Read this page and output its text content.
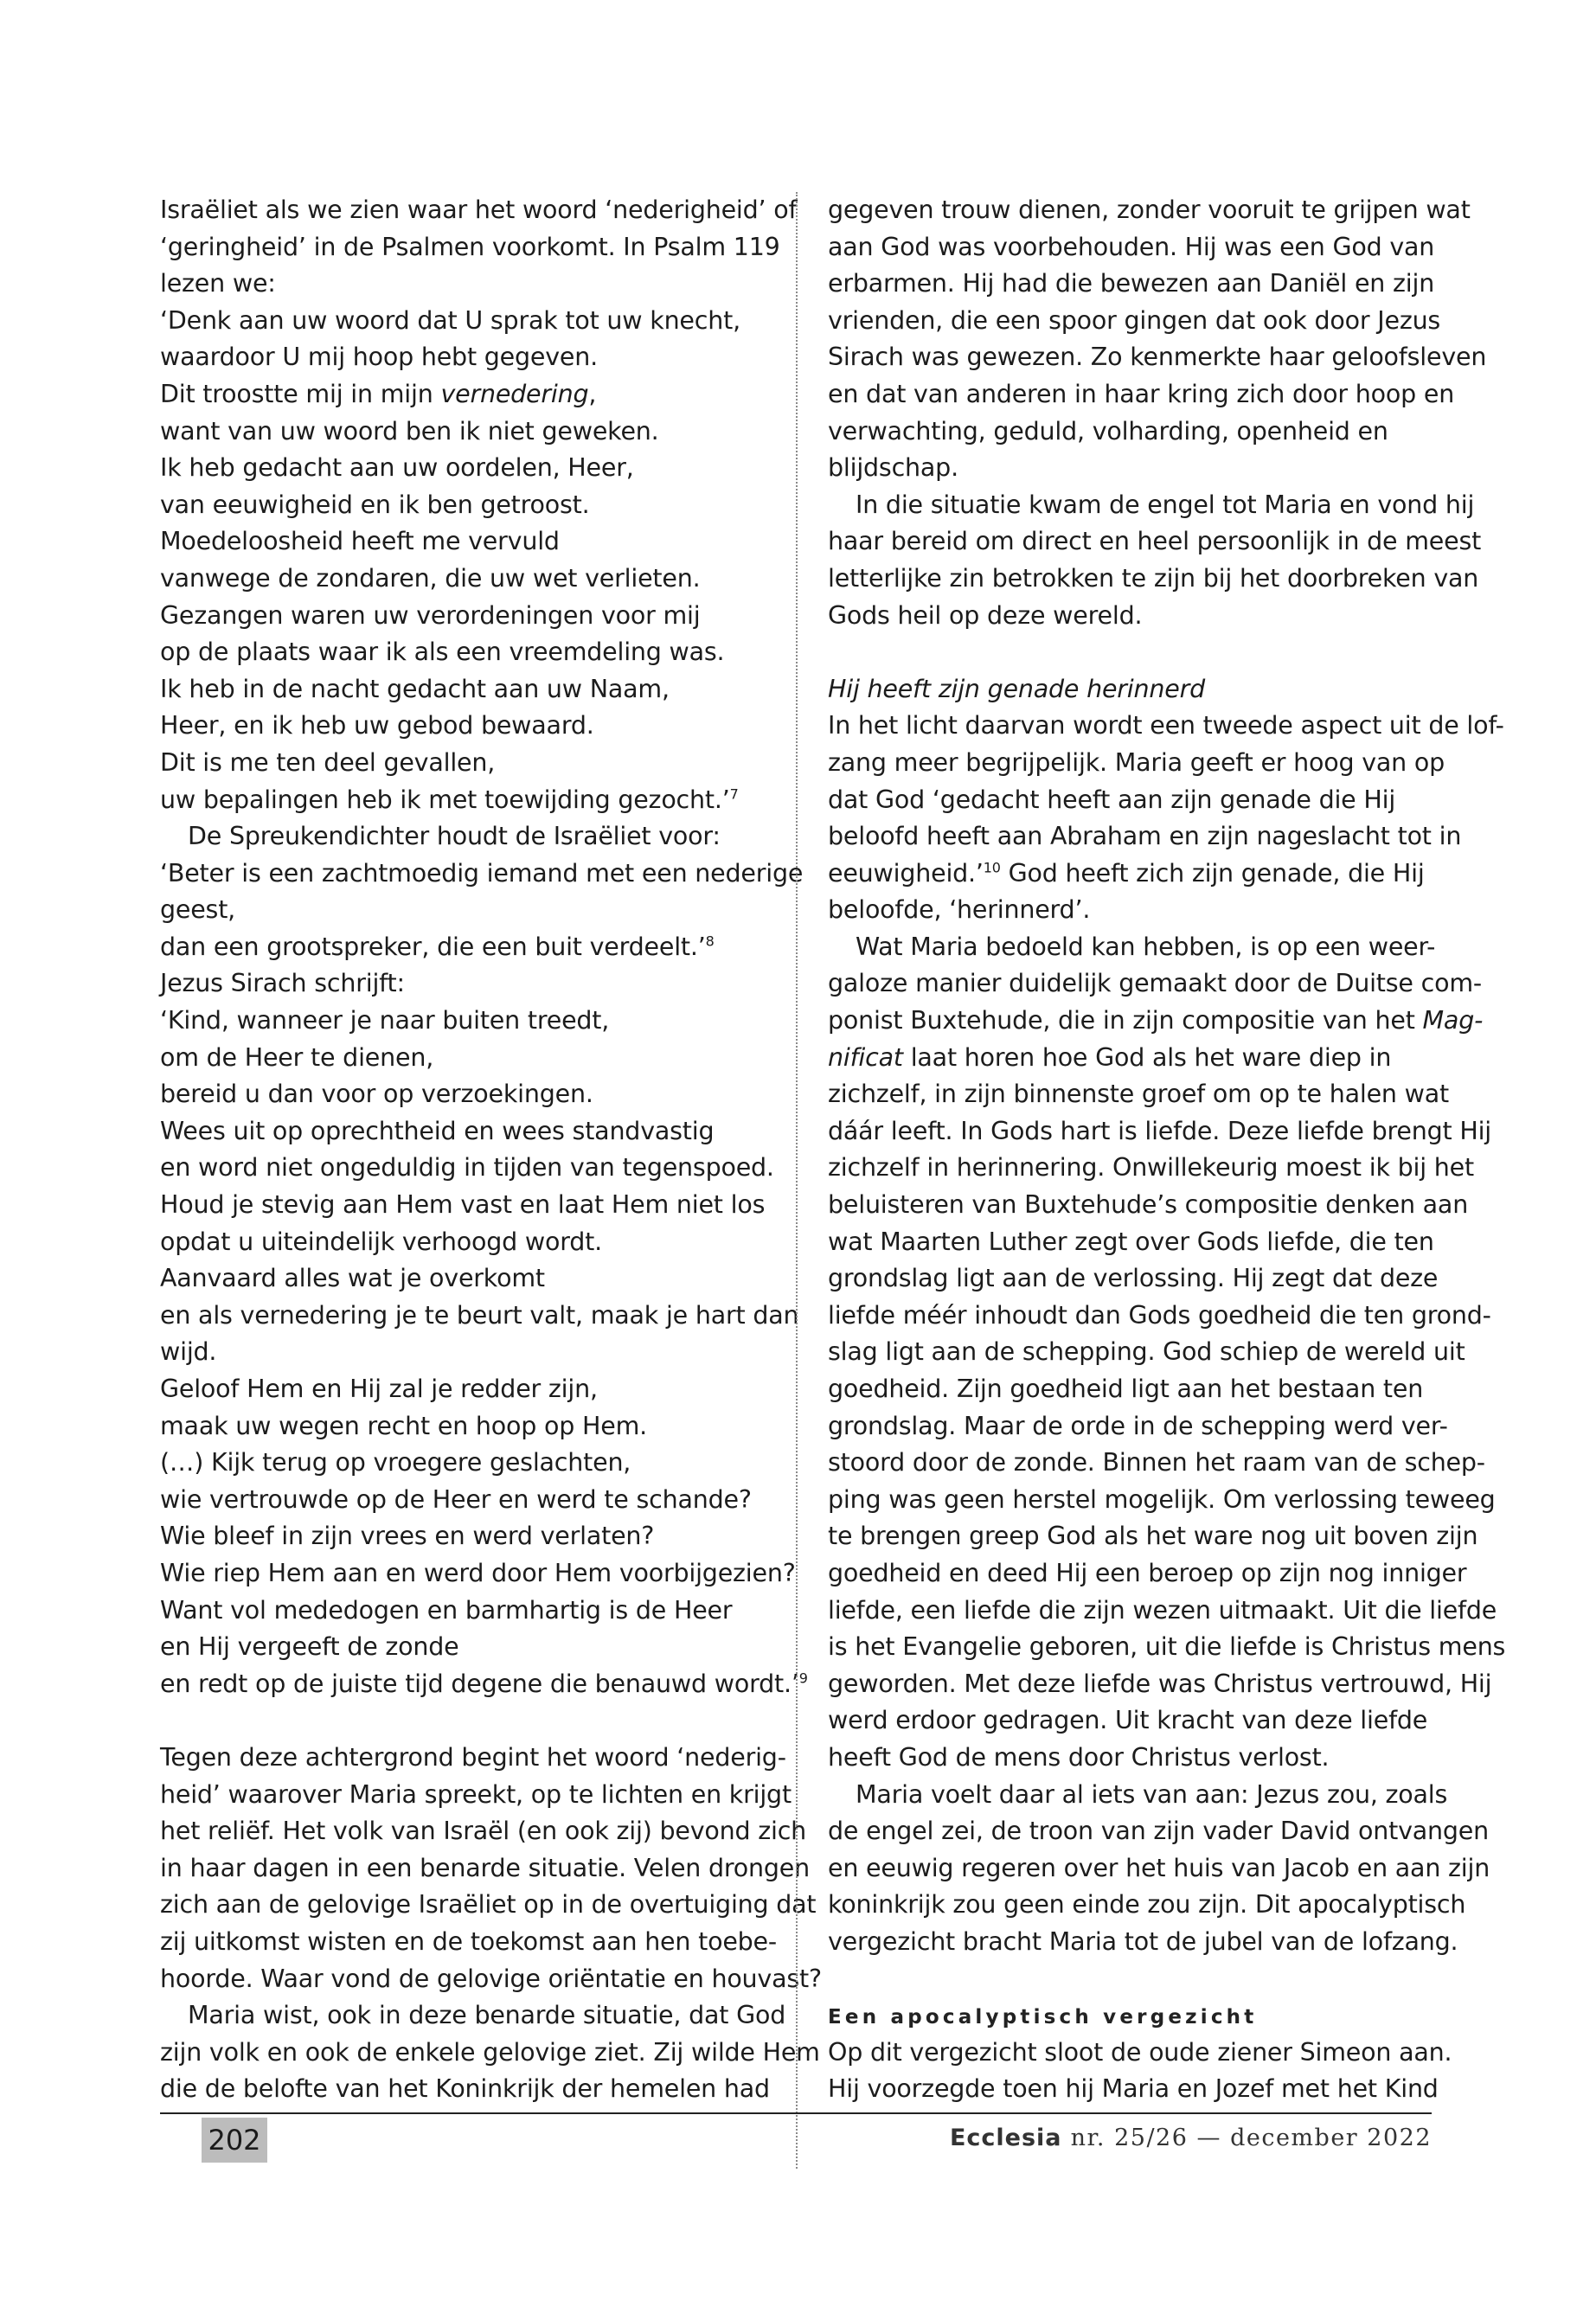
Israëliet als we zien waar het woord ‘nederigheid’ of
‘geringheid’ in de Psalmen voorkomt. In Psalm 119
lezen we:
‘Denk aan uw woord dat U sprak tot uw knecht,
waardoor U mij hoop hebt gegeven.
Dit troostte mij in mijn vernedering,
want van uw woord ben ik niet geweken.
Ik heb gedacht aan uw oordelen, Heer,
van eeuwigheid en ik ben getroost.
Moedeloosheid heeft me vervuld
vanwege de zondaren, die uw wet verlieten.
Gezangen waren uw verordeningen voor mij
op de plaats waar ik als een vreemdeling was.
Ik heb in de nacht gedacht aan uw Naam,
Heer, en ik heb uw gebod bewaard.
Dit is me ten deel gevallen,
uw bepalingen heb ik met toewijding gezocht.’$^7$
De Spreukendichter houdt de Israëliet voor:
‘Beter is een zachtmoedig iemand met een nederige
geest,
dan een grootspreker, die een buit verdeelt.’$^8$
Jezus Sirach schrijft:
‘Kind, wanneer je naar buiten treedt,
om de Heer te dienen,
bereid u dan voor op verzoekingen.
Wees uit op oprechtheid en wees standvastig
en word niet ongeduldig in tijden van tegenspoed.
Houd je stevig aan Hem vast en laat Hem niet los
opdat u uiteindelijk verhoogd wordt.
Aanvaard alles wat je overkomt
en als vernedering je te beurt valt, maak je hart dan
wijd.
Geloof Hem en Hij zal je redder zijn,
maak uw wegen recht en hoop op Hem.
(…) Kijk terug op vroegere geslachten,
wie vertrouwde op de Heer en werd te schande?
Wie bleef in zijn vrees en werd verlaten?
Wie riep Hem aan en werd door Hem voorbijgezien?
Want vol mededogen en barmhartig is de Heer
en Hij vergeeft de zonde
en redt op de juiste tijd degene die benauwd wordt.’$^9$
Tegen deze achtergrond begint het woord ‘nederig-
heid’ waarover Maria spreekt, op te lichten en krijgt
het reliëf. Het volk van Israël (en ook zij) bevond zich
in haar dagen in een benarde situatie. Velen drongen
zich aan de gelovige Israëliet op in de overtuiging dat
zij uitkomst wisten en de toekomst aan hen toebe-
hoorde. Waar vond de gelovige oriëntatie en houvast?
Maria wist, ook in deze benarde situatie, dat God
zijn volk en ook de enkele gelovige ziet. Zij wilde Hem
die de belofte van het Koninkrijk der hemelen had
gegeven trouw dienen, zonder vooruit te grijpen wat
aan God was voorbehouden. Hij was een God van
erbarmen. Hij had die bewezen aan Daniël en zijn
vrienden, die een spoor gingen dat ook door Jezus
Sirach was gewezen. Zo kenmerkte haar geloofsleven
en dat van anderen in haar kring zich door hoop en
verwachting, geduld, volharding, openheid en
blijdschap.
In die situatie kwam de engel tot Maria en vond hij
haar bereid om direct en heel persoonlijk in de meest
letterlijke zin betrokken te zijn bij het doorbreken van
Gods heil op deze wereld.
Hij heeft zijn genade herinnerd
In het licht daarvan wordt een tweede aspect uit de lof-
zang meer begrijpelijk. Maria geeft er hoog van op
dat God ‘gedacht heeft aan zijn genade die Hij
beloofd heeft aan Abraham en zijn nageslacht tot in
eeuwigheid.’$^{10}$ God heeft zich zijn genade, die Hij
beloofde, ‘herinnerd’.
Wat Maria bedoeld kan hebben, is op een weer-
galoze manier duidelijk gemaakt door de Duitse com-
ponist Buxtehude, die in zijn compositie van het Mag-
nificat laat horen hoe God als het ware diep in
zichzelf, in zijn binnenste groef om op te halen wat
dáár leeft. In Gods hart is liefde. Deze liefde brengt Hij
zichzelf in herinnering. Onwillekeurig moest ik bij het
beluisteren van Buxtehude’s compositie denken aan
wat Maarten Luther zegt over Gods liefde, die ten
grondslag ligt aan de verlossing. Hij zegt dat deze
liefde méér inhoudt dan Gods goedheid die ten grond-
slag ligt aan de schepping. God schiep de wereld uit
goedheid. Zijn goedheid ligt aan het bestaan ten
grondslag. Maar de orde in de schepping werd ver-
stoord door de zonde. Binnen het raam van de schep-
ping was geen herstel mogelijk. Om verlossing teweeg
te brengen greep God als het ware nog uit boven zijn
goedheid en deed Hij een beroep op zijn nog inniger
liefde, een liefde die zijn wezen uitmaakt. Uit die liefde
is het Evangelie geboren, uit die liefde is Christus mens
geworden. Met deze liefde was Christus vertrouwd, Hij
werd erdoor gedragen. Uit kracht van deze liefde
heeft God de mens door Christus verlost.
Maria voelt daar al iets van aan: Jezus zou, zoals
de engel zei, de troon van zijn vader David ontvangen
en eeuwig regeren over het huis van Jacob en aan zijn
koninkrijk zou geen einde zou zijn. Dit apocalyptisch
vergezicht bracht Maria tot de jubel van de lofzang.
Een apocalyptisch vergezicht
Op dit vergezicht sloot de oude ziener Simeon aan.
Hij voorzegde toen hij Maria en Jozef met het Kind
202	Ecclesia nr. 25/26 — december 2022
